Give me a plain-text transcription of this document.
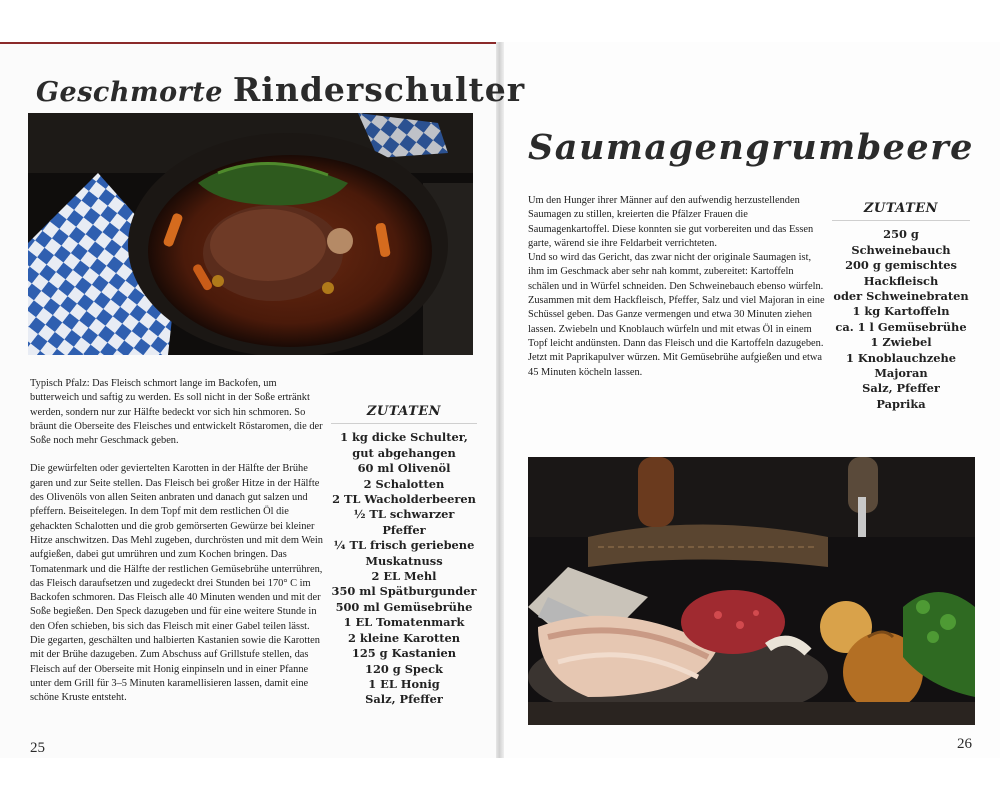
Geschmorte Rinderschulter

Typisch Pfalz: Das Fleisch schmort lange im Backofen, um butterweich und saftig zu werden. Es soll nicht in der Soße ertränkt werden, sondern nur zur Hälfte bedeckt vor sich hin schmoren. So bräunt die Oberseite des Fleisches und entwickelt Röstaromen, die der Soße noch mehr Geschmack geben.

Die gewürfelten oder geviertelten Karotten in der Hälfte der Brühe garen und zur Seite stellen. Das Fleisch bei großer Hitze in der Hälfte des Olivenöls von allen Seiten anbraten und danach gut salzen und pfeffern. Beiseitelegen. In dem Topf mit dem restlichen Öl die gehackten Schalotten und die grob gemörserten Gewürze bei kleiner Hitze anschwitzen. Das Mehl zugeben, durchrösten und mit dem Wein aufgießen, dabei gut umrühren und zum Kochen bringen. Das Tomatenmark und die Hälfte der restlichen Gemüsebrühe unterrühren, das Fleisch daraufsetzen und zugedeckt drei Stunden bei 170° C im Backofen schmoren. Das Fleisch alle 40 Minuten wenden und mit der Soße begießen. Den Speck dazugeben und für eine weitere Stunde in den Ofen schieben, bis sich das Fleisch mit einer Gabel teilen lässt. Die gegarten, geschälten und halbierten Kastanien sowie die Karotten mit der Brühe dazugeben. Zum Abschuss auf Grillstufe stellen, das Fleisch auf der Oberseite mit Honig einpinseln und in einer Pfanne unter dem Grill für 3–5 Minuten karamellisieren lassen, damit eine schöne Kruste entsteht.

ZUTATEN
1 kg dicke Schulter,
gut abgehangen
60 ml Olivenöl
2 Schalotten
2 TL Wacholderbeeren
½ TL schwarzer Pfeffer
¼ TL frisch geriebene
Muskatnuss
2 EL Mehl
350 ml Spätburgunder
500 ml Gemüsebrühe
1 EL Tomatenmark
2 kleine Karotten
125 g Kastanien
120 g Speck
1 EL Honig
Salz, Pfeffer
25
Saumagengrumbeere

Um den Hunger ihrer Männer auf den aufwendig herzustellenden Saumagen zu stillen, kreierten die Pfälzer Frauen die Saumagenkartoffel. Diese konnten sie gut vorbereiten und das Essen garte, wärend sie ihre Feldarbeit verrichteten.

Und so wird das Gericht, das zwar nicht der originale Saumagen ist, ihm im Geschmack aber sehr nah kommt, zubereitet: Kartoffeln schälen und in Würfel schneiden. Den Schweinebauch ebenso würfeln. Zusammen mit dem Hackfleisch, Pfeffer, Salz und viel Majoran in eine Schüssel geben. Das Ganze vermengen und etwa 30 Minuten ziehen lassen. Zwiebeln und Knoblauch würfeln und mit etwas Öl in einem Topf leicht andünsten. Dann das Fleisch und die Kartoffeln dazugeben. Jetzt mit Paprikapulver würzen. Mit Gemüsebrühe aufgießen und etwa 45 Minuten köcheln lassen.

ZUTATEN
250 g Schweinebauch
200 g gemischtes
Hackfleisch
oder Schweinebraten
1 kg Kartoffeln
ca. 1 l Gemüsebrühe
1 Zwiebel
1 Knoblauchzehe
Majoran
Salz, Pfeffer
Paprika
26
